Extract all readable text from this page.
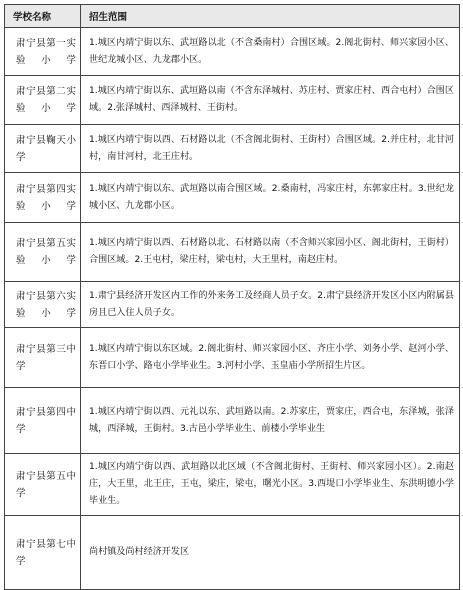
学校名称	招生范围
肃宁县第一实验小学	1.城区内靖宁街以东、武垣路以北（不含桑南村）合围区域。2.阁北街村、师兴家园小区、世纪龙城小区、九龙郡小区。
肃宁县第二实验小学	1.城区内靖宁街以东、武垣路以南（不含东泽城村、苏庄村、贾家庄村、西合屯村）合围区域。2.张泽城村、西泽城村、王街村。
肃宁县鞠天小学	1.城区内靖宁街以西、石材路以北（不含阁北街村、王街村）合围区域。2.并庄村，北甘河村，南甘河村，北王庄村。
肃宁县第四实验小学	1.城区内靖宁街以东、武垣路以南合围区域。2.桑南村，冯家庄村，东郭家庄村。3.世纪龙城小区、九龙郡小区。
肃宁县第五实验小学	1.城区内靖宁街以西、石材路以北、石材路以南（不含师兴家园小区、阁北街村，王街村）合围区域。2.王屯村，梁庄村，梁屯村，大王里村，南赵庄村。
肃宁县第六实验小学	1.肃宁县经济开发区内工作的外来务工及经商人员子女。2.肃宁县经济开发区小区内附属县房且已入住人员子女。
肃宁县第三中学	1.城区内靖宁街以东区域。2.阁北街村、师兴家园小区、齐庄小学、刘务小学、赵河小学、东晋口小学、路屯小学毕业生。3.河村小学、玉皇庙小学所招生片区。
肃宁县第四中学	1.城区内靖宁街以西、元礼以东、武垣路以南。2.苏家庄，贾家庄，西合屯，东泽城，张泽城，西泽城，王街村。3.古邑小学毕业生、前楼小学毕业生
肃宁县第五中学	1.城区内靖宁街以西、武垣路以北区域（不含阁北街村、王街村、师兴家园小区）。2.南赵庄，大王里，北王庄，王屯，梁庄，梁屯，曙光小区。3.西堤口小学毕业生、东洪明德小学毕业生。
肃宁县第七中学	尚村镇及尚村经济开发区
